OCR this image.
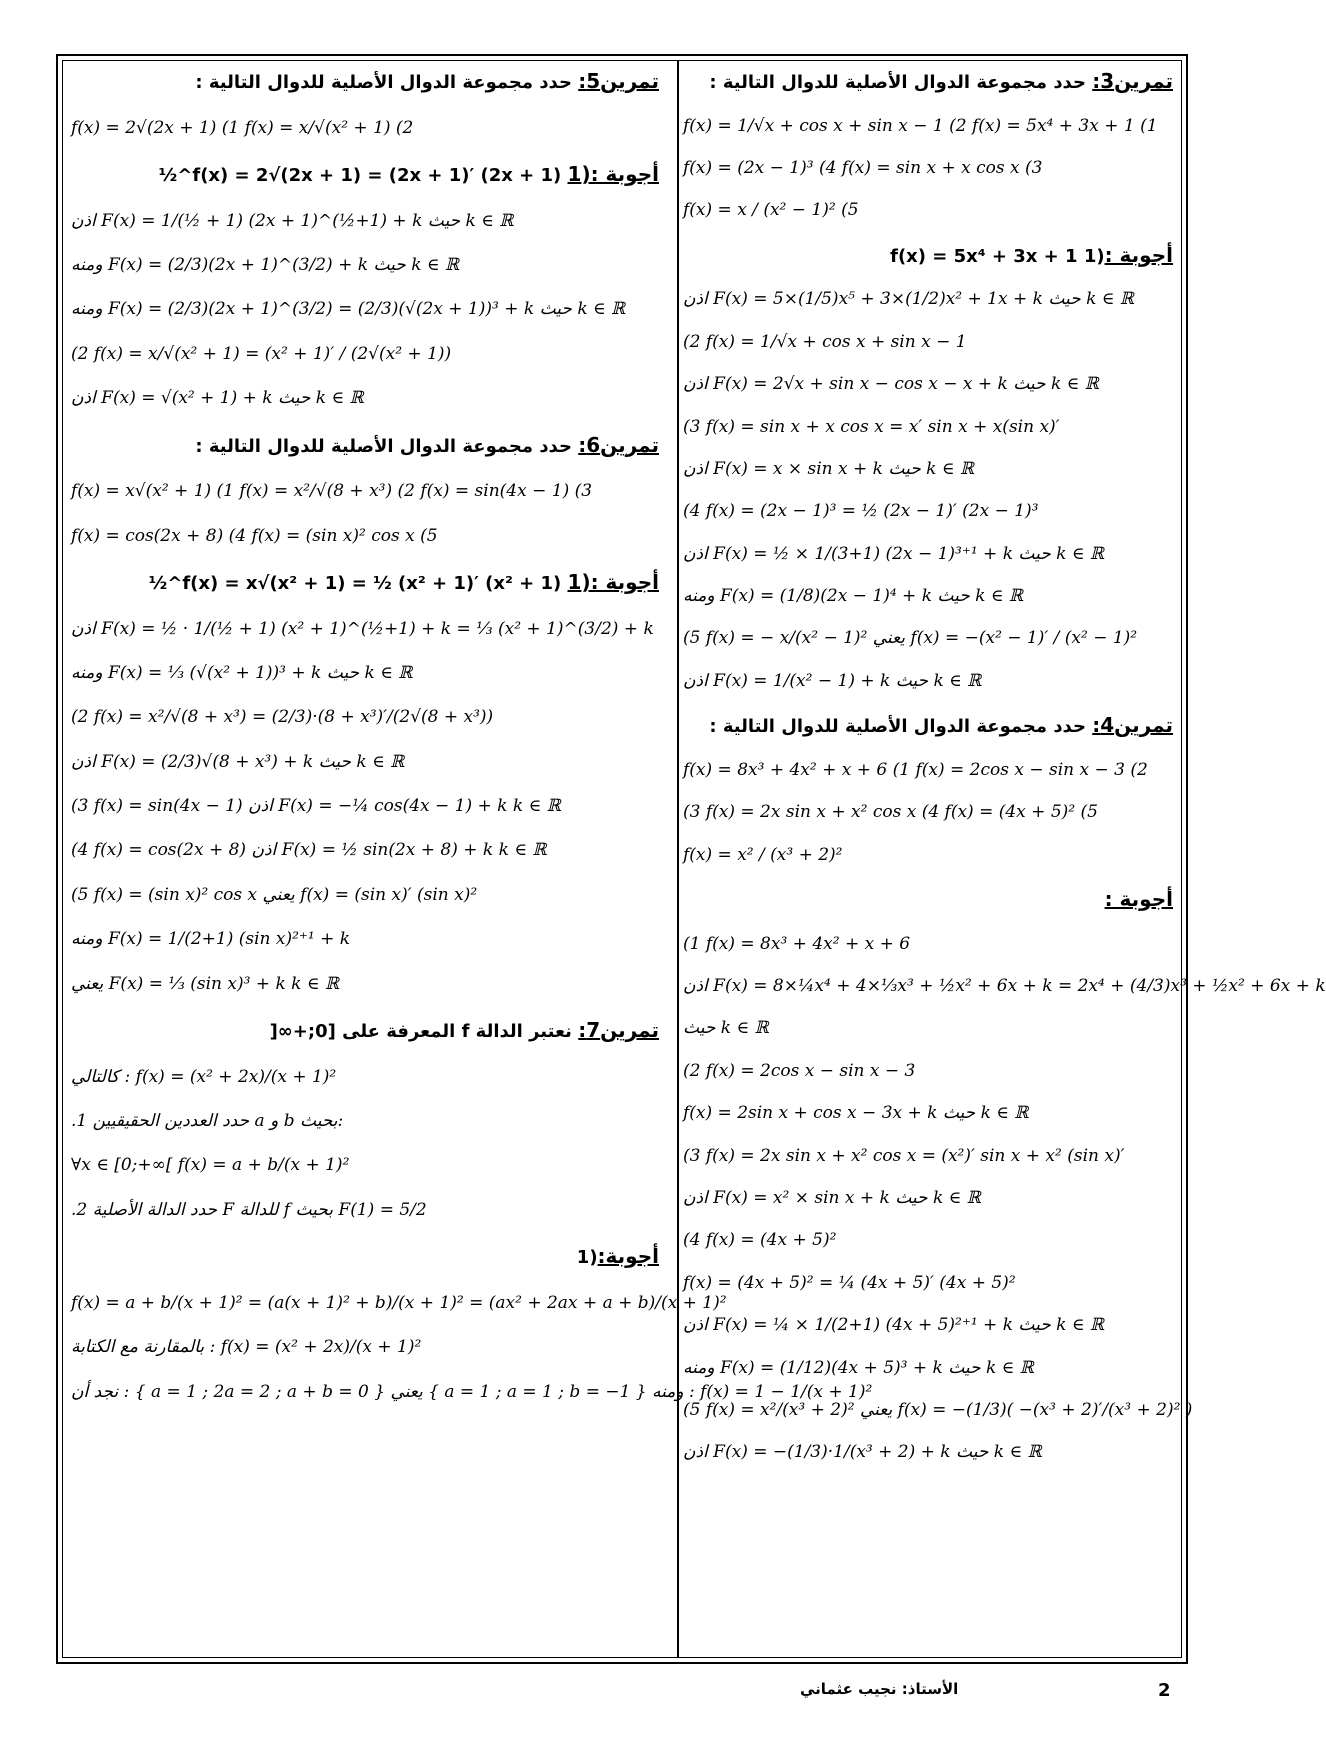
تمرين3: حدد مجموعة الدوال الأصلية للدوال التالية :
f(x) = 1/√x + cos x + sin x − 1 (2 f(x) = 5x⁴ + 3x + 1 (1
f(x) = (2x − 1)³ (4 f(x) = sin x + x cos x (3
f(x) = x / (x² − 1)² (5
أجوبة :(1 f(x) = 5x⁴ + 3x + 1
اذن F(x) = 5×(1/5)x⁵ + 3×(1/2)x² + 1x + k حيث k ∈ ℝ
(2 f(x) = 1/√x + cos x + sin x − 1
اذن F(x) = 2√x + sin x − cos x − x + k حيث k ∈ ℝ
(3 f(x) = sin x + x cos x = x′ sin x + x(sin x)′
اذن F(x) = x × sin x + k حيث k ∈ ℝ
(4 f(x) = (2x − 1)³ = ½ (2x − 1)′ (2x − 1)³
اذن F(x) = ½ × 1/(3+1) (2x − 1)³⁺¹ + k حيث k ∈ ℝ
ومنه F(x) = (1/8)(2x − 1)⁴ + k حيث k ∈ ℝ
(5 f(x) = − x/(x² − 1)² يعني f(x) = −(x² − 1)′ / (x² − 1)²
اذن F(x) = 1/(x² − 1) + k حيث k ∈ ℝ
تمرين4: حدد مجموعة الدوال الأصلية للدوال التالية :
f(x) = 8x³ + 4x² + x + 6 (1 f(x) = 2cos x − sin x − 3 (2
(3 f(x) = 2x sin x + x² cos x (4 f(x) = (4x + 5)² (5
f(x) = x² / (x³ + 2)²
أجوبة :
(1 f(x) = 8x³ + 4x² + x + 6
اذن F(x) = 8×¼x⁴ + 4×⅓x³ + ½x² + 6x + k = 2x⁴ + (4/3)x³ + ½x² + 6x + k
حيث k ∈ ℝ
(2 f(x) = 2cos x − sin x − 3
f(x) = 2sin x + cos x − 3x + k حيث k ∈ ℝ
(3 f(x) = 2x sin x + x² cos x = (x²)′ sin x + x² (sin x)′
اذن F(x) = x² × sin x + k حيث k ∈ ℝ
(4 f(x) = (4x + 5)²
f(x) = (4x + 5)² = ¼ (4x + 5)′ (4x + 5)²
اذن F(x) = ¼ × 1/(2+1) (4x + 5)²⁺¹ + k حيث k ∈ ℝ
ومنه F(x) = (1/12)(4x + 5)³ + k حيث k ∈ ℝ
(5 f(x) = x²/(x³ + 2)² يعني f(x) = −(1/3)( −(x³ + 2)′/(x³ + 2)² )
اذن F(x) = −(1/3)·1/(x³ + 2) + k حيث k ∈ ℝ
تمرين5: حدد مجموعة الدوال الأصلية للدوال التالية :
f(x) = 2√(2x + 1) (1 f(x) = x/√(x² + 1) (2
أجوبة :(1 f(x) = 2√(2x + 1) = (2x + 1)′ (2x + 1)^½
اذن F(x) = 1/(½ + 1) (2x + 1)^(½+1) + k حيث k ∈ ℝ
ومنه F(x) = (2/3)(2x + 1)^(3/2) + k حيث k ∈ ℝ
ومنه F(x) = (2/3)(2x + 1)^(3/2) = (2/3)(√(2x + 1))³ + k حيث k ∈ ℝ
(2 f(x) = x/√(x² + 1) = (x² + 1)′ / (2√(x² + 1))
اذن F(x) = √(x² + 1) + k حيث k ∈ ℝ
تمرين6: حدد مجموعة الدوال الأصلية للدوال التالية :
f(x) = x√(x² + 1) (1 f(x) = x²/√(8 + x³) (2 f(x) = sin(4x − 1) (3
f(x) = cos(2x + 8) (4 f(x) = (sin x)² cos x (5
أجوبة :(1 f(x) = x√(x² + 1) = ½ (x² + 1)′ (x² + 1)^½
اذن F(x) = ½ · 1/(½ + 1) (x² + 1)^(½+1) + k = ⅓ (x² + 1)^(3/2) + k
ومنه F(x) = ⅓ (√(x² + 1))³ + k حيث k ∈ ℝ
(2 f(x) = x²/√(8 + x³) = (2/3)·(8 + x³)′/(2√(8 + x³))
اذن F(x) = (2/3)√(8 + x³) + k حيث k ∈ ℝ
(3 f(x) = sin(4x − 1) اذن F(x) = −¼ cos(4x − 1) + k k ∈ ℝ
(4 f(x) = cos(2x + 8) اذن F(x) = ½ sin(2x + 8) + k k ∈ ℝ
(5 f(x) = (sin x)² cos x يعني f(x) = (sin x)′ (sin x)²
ومنه F(x) = 1/(2+1) (sin x)²⁺¹ + k
يعني F(x) = ⅓ (sin x)³ + k k ∈ ℝ
تمرين7: نعتبر الدالة f المعرفة على [0;+∞[
كالتالي : f(x) = (x² + 2x)/(x + 1)²
.1 حدد العددين الحقيقيين a و b بحيث:
∀x ∈ [0;+∞[ f(x) = a + b/(x + 1)²
.2 حدد الدالة الأصلية F للدالة f بحيث F(1) = 5/2
أجوبة:(1
f(x) = a + b/(x + 1)² = (a(x + 1)² + b)/(x + 1)² = (ax² + 2ax + a + b)/(x + 1)²
بالمقارنة مع الكتابة : f(x) = (x² + 2x)/(x + 1)²
نجد أن : { a = 1 ; 2a = 2 ; a + b = 0 } يعني { a = 1 ; a = 1 ; b = −1 } ومنه : f(x) = 1 − 1/(x + 1)²
الأستاذ: نجيب عثماني	2
